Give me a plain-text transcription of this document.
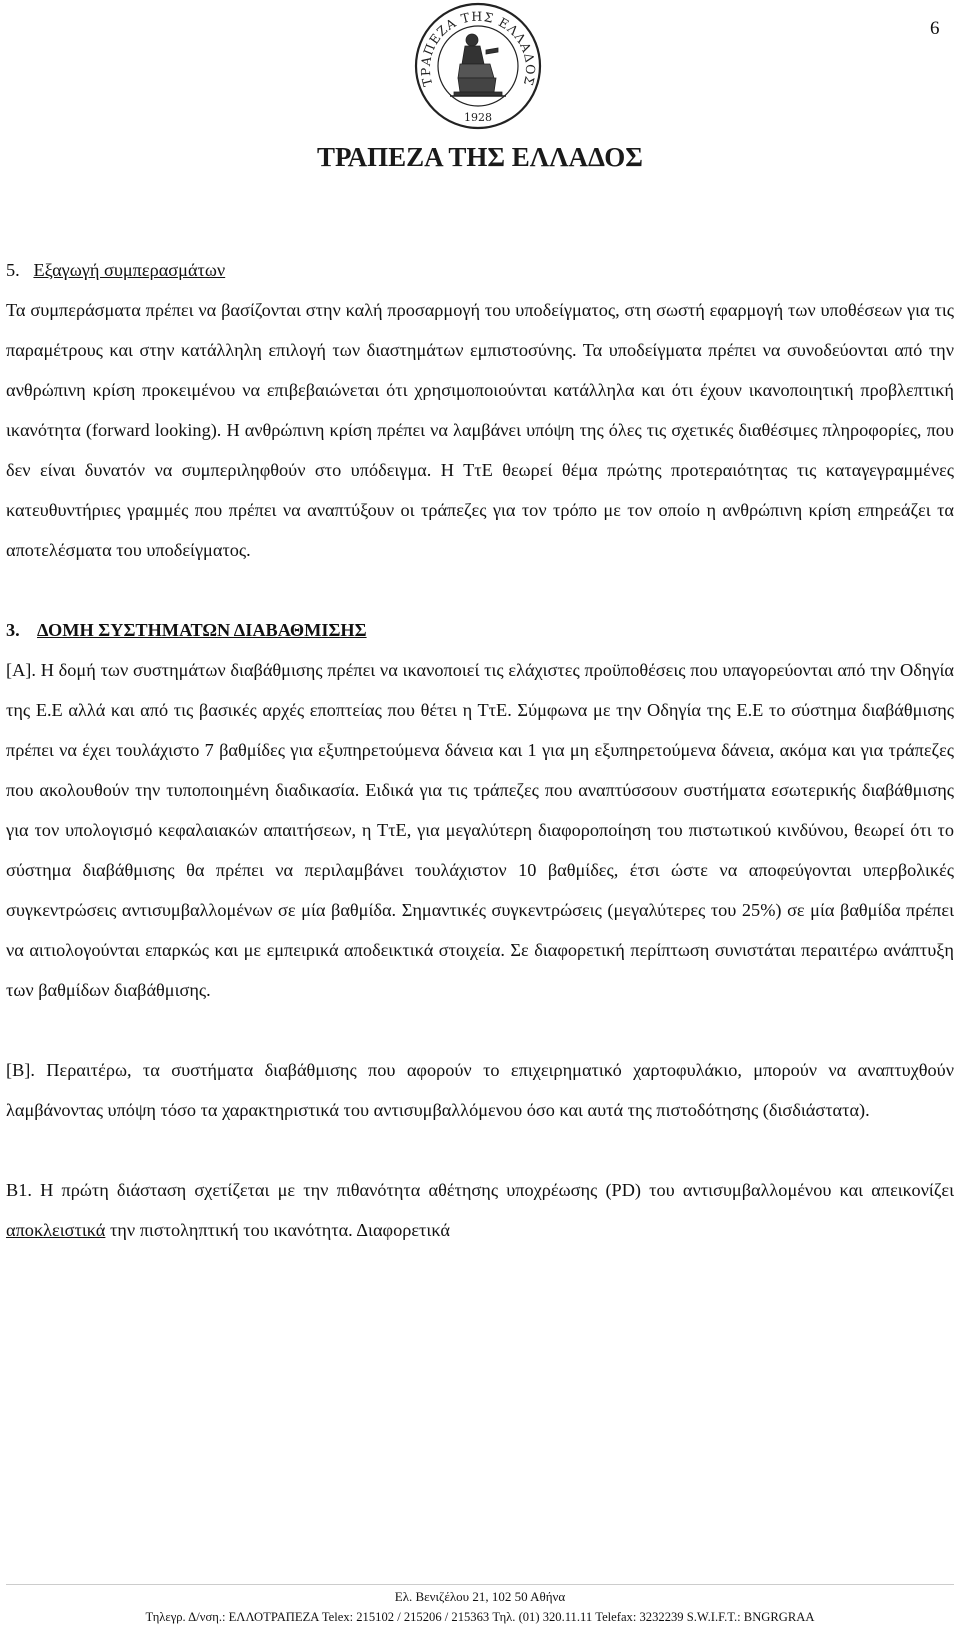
6
ΤΡΑΠΕΖΑ ΤΗΣ ΕΛΛΑΔΟΣ
1928
ΤΡΑΠΕΖΑ ΤΗΣ ΕΛΛΑΔΟΣ
5. Εξαγωγή συμπερασμάτων

Τα συμπεράσματα πρέπει να βασίζονται στην καλή προσαρμογή του υποδείγματος, στη σωστή εφαρμογή των υποθέσεων για τις παραμέτρους και στην κατάλληλη επιλογή των διαστημάτων εμπιστοσύνης. Τα υποδείγματα πρέπει να συνοδεύονται από την ανθρώπινη κρίση προκειμένου να επιβεβαιώνεται ότι χρησιμοποιούνται κατάλληλα και ότι έχουν ικανοποιητική προβλεπτική ικανότητα (forward looking). Η ανθρώπινη κρίση πρέπει να λαμβάνει υπόψη της όλες τις σχετικές διαθέσιμες πληροφορίες, που δεν είναι δυνατόν να συμπεριληφθούν στο υπόδειγμα. Η ΤτΕ θεωρεί θέμα πρώτης προτεραιότητας τις καταγεγραμμένες κατευθυντήριες γραμμές που πρέπει να αναπτύξουν οι τράπεζες για τον τρόπο με τον οποίο η ανθρώπινη κρίση επηρεάζει τα αποτελέσματα του υποδείγματος.

3. ΔΟΜΗ ΣΥΣΤΗΜΑΤΩΝ ΔΙΑΒΑΘΜΙΣΗΣ

[Α]. Η δομή των συστημάτων διαβάθμισης πρέπει να ικανοποιεί τις ελάχιστες προϋποθέσεις που υπαγορεύονται από την Οδηγία της Ε.Ε αλλά και από τις βασικές αρχές εποπτείας που θέτει η ΤτΕ. Σύμφωνα με την Οδηγία της Ε.Ε το σύστημα διαβάθμισης πρέπει να έχει τουλάχιστο 7 βαθμίδες για εξυπηρετούμενα δάνεια και 1 για μη εξυπηρετούμενα δάνεια, ακόμα και για τράπεζες που ακολουθούν την τυποποιημένη διαδικασία. Ειδικά για τις τράπεζες που αναπτύσσουν συστήματα εσωτερικής διαβάθμισης για τον υπολογισμό κεφαλαιακών απαιτήσεων, η ΤτΕ, για μεγαλύτερη διαφοροποίηση του πιστωτικού κινδύνου, θεωρεί ότι το σύστημα διαβάθμισης θα πρέπει να περιλαμβάνει τουλάχιστον 10 βαθμίδες, έτσι ώστε να αποφεύγονται υπερβολικές συγκεντρώσεις αντισυμβαλλομένων σε μία βαθμίδα. Σημαντικές συγκεντρώσεις (μεγαλύτερες του 25%) σε μία βαθμίδα πρέπει να αιτιολογούνται επαρκώς και με εμπειρικά αποδεικτικά στοιχεία. Σε διαφορετική περίπτωση συνιστάται περαιτέρω ανάπτυξη των βαθμίδων διαβάθμισης.

[Β]. Περαιτέρω, τα συστήματα διαβάθμισης που αφορούν το επιχειρηματικό χαρτοφυλάκιο, μπορούν να αναπτυχθούν λαμβάνοντας υπόψη τόσο τα χαρακτηριστικά του αντισυμβαλλόμενου όσο και αυτά της πιστοδότησης (δισδιάστατα).

Β1. Η πρώτη διάσταση σχετίζεται με την πιθανότητα αθέτησης υποχρέωσης (PD) του αντισυμβαλλομένου και απεικονίζει αποκλειστικά την πιστοληπτική του ικανότητα. Διαφορετικά

Ελ. Βενιζέλου 21, 102 50 Αθήνα
Τηλεγρ. Δ/νση.: ΕΛΛΟΤΡΑΠΕΖΑ Telex: 215102 / 215206 / 215363 Τηλ. (01) 320.11.11 Telefax: 3232239 S.W.I.F.T.: BNGRGRAA
